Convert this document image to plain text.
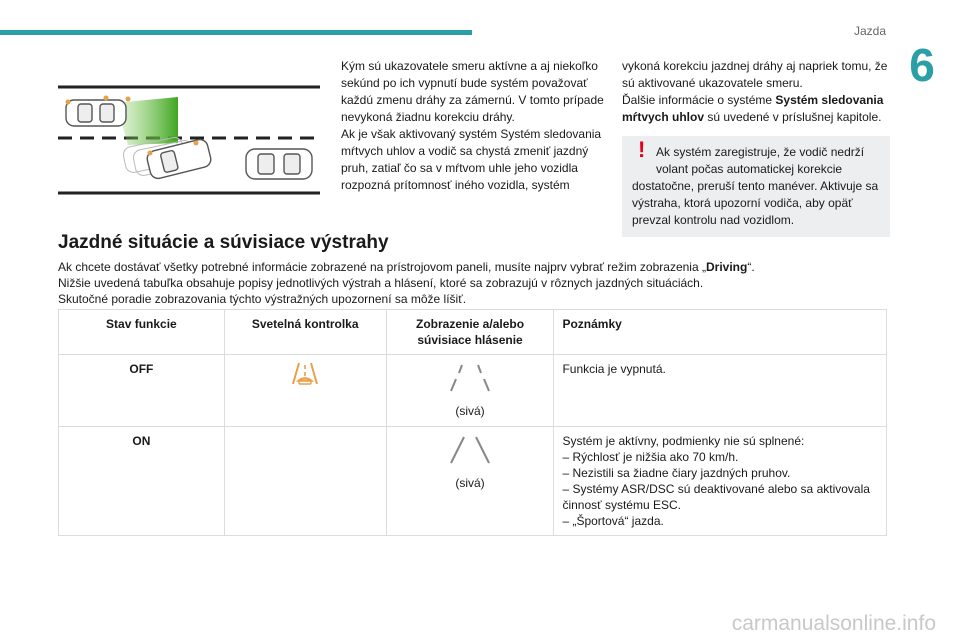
Jazda
6

Kým sú ukazovatele smeru aktívne a aj niekoľko sekúnd po ich vypnutí bude systém považovať každú zmenu dráhy za zámernú. V tomto prípade nevykoná žiadnu korekciu dráhy.

Ak je však aktivovaný systém Systém sledovania mŕtvych uhlov a vodič sa chystá zmeniť jazdný pruh, zatiaľ čo sa v mŕtvom uhle jeho vozidla rozpozná prítomnosť iného vozidla, systém

vykoná korekciu jazdnej dráhy aj napriek tomu, že sú aktivované ukazovatele smeru.

Ďalšie informácie o systéme Systém sledovania mŕtvych uhlov sú uvedené v príslušnej kapitole.

! Ak systém zaregistruje, že vodič nedrží volant počas automatickej korekcie
dostatočne, preruší tento manéver. Aktivuje sa výstraha, ktorá upozorní vodiča, aby opäť prevzal kontrolu nad vozidlom.
Jazdné situácie a súvisiace výstrahy
Ak chcete dostávať všetky potrebné informácie zobrazené na prístrojovom paneli, musíte najprv vybrať režim zobrazenia „Driving“.
Nižšie uvedená tabuľka obsahuje popisy jednotlivých výstrah a hlásení, ktoré sa zobrazujú v rôznych jazdných situáciách.
Skutočné poradie zobrazovania týchto výstražných upozornení sa môže líšiť.
Stav funkcie	Svetelná kontrolka	Zobrazenie a/alebo
súvisiace hlásenie	Poznámky
OFF		(sivá)	Funkcia je vypnutá.
ON		(sivá)	Systém je aktívny, podmienky nie sú splnené:
– Rýchlosť je nižšia ako 70 km/h.
– Nezistili sa žiadne čiary jazdných pruhov.
– Systémy ASR/DSC sú deaktivované alebo sa aktivovala činnosť systému ESC.
– „Športová“ jazda.
carmanualsonline.info
